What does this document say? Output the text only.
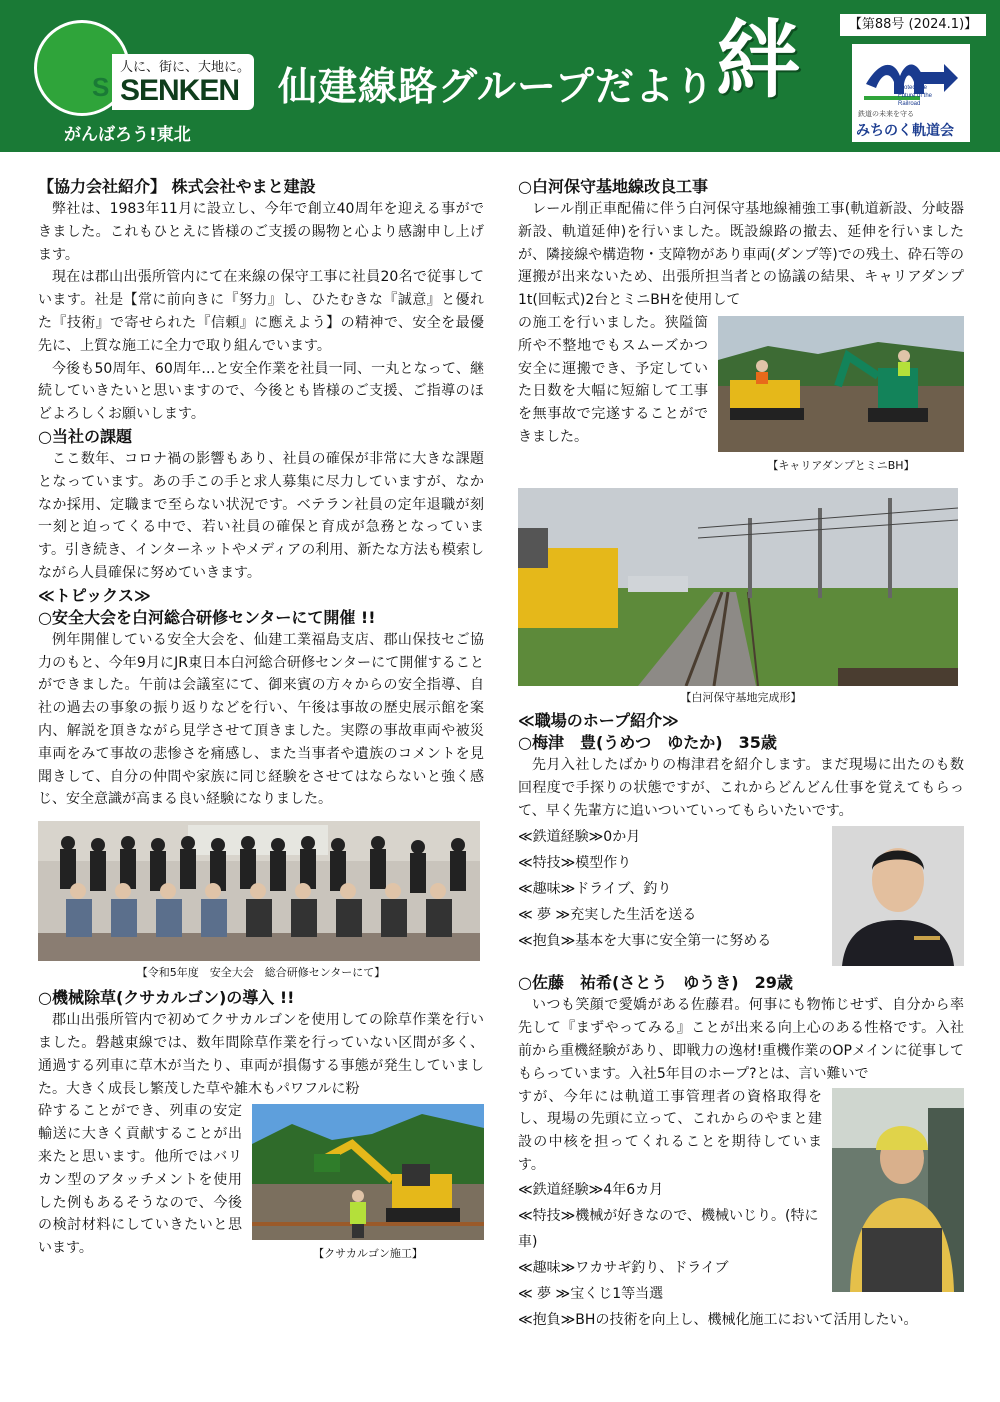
S
人に、街に、大地に。
SENKEN
がんばろう!東北
仙建線路グループだより 絆	【第88号 (2024.1)】
Protect the Future of the Railroad
鉄道の未来を守る
みちのく軌道会

【協力会社紹介】 株式会社やまと建設

弊社は、1983年11月に設立し、今年で創立40周年を迎える事ができました。これもひとえに皆様のご支援の賜物と心より感謝申し上げます。

現在は郡山出張所管内にて在来線の保守工事に社員20名で従事しています。社是【常に前向きに『努力』し、ひたむきな『誠意』と優れた『技術』で寄せられた『信頼』に應えよう】の精神で、安全を最優先に、上質な施工に全力で取り組んでいます。

今後も50周年、60周年…と安全作業を社員一同、一丸となって、継続していきたいと思いますので、今後とも皆様のご支援、ご指導のほどよろしくお願いします。

○当社の課題

ここ数年、コロナ禍の影響もあり、社員の確保が非常に大きな課題となっています。あの手この手と求人募集に尽力していますが、なかなか採用、定職まで至らない状況です。ベテラン社員の定年退職が刻一刻と迫ってくる中で、若い社員の確保と育成が急務となっています。引き続き、インターネットやメディアの利用、新たな方法も模索しながら人員確保に努めていきます。

≪トピックス≫

○安全大会を白河総合研修センターにて開催 !!

例年開催している安全大会を、仙建工業福島支店、郡山保技セご協力のもと、今年9月にJR東日本白河総合研修センターにて開催することができました。午前は会議室にて、御来賓の方々からの安全指導、自社の過去の事象の振り返りなどを行い、午後は事故の歴史展示館を案内、解説を頂きながら見学させて頂きました。実際の事故車両や被災車両をみて事故の悲惨さを痛感し、また当事者や遺族のコメントを見聞きして、自分の仲間や家族に同じ経験をさせてはならないと強く感じ、安全意識が高まる良い経験になりました。

【令和5年度　安全大会　総合研修センターにて】

○機械除草(クサカルゴン)の導入 !!

郡山出張所管内で初めてクサカルゴンを使用しての除草作業を行いました。磐越東線では、数年間除草作業を行っていない区間が多く、通過する列車に草木が当たり、車両が損傷する事態が発生していました。大きく成長し繁茂した草や雑木もパワフルに粉

【クサカルゴン施工】

砕することができ、列車の安定輸送に大きく貢献することが出来たと思います。他所ではバリカン型のアタッチメントを使用した例もあるそうなので、今後の検討材料にしていきたいと思います。

○白河保守基地線改良工事

レール削正車配備に伴う白河保守基地線補強工事(軌道新設、分岐器新設、軌道延伸)を行いました。既設線路の撤去、延伸を行いましたが、隣接線や構造物・支障物があり車両(ダンプ等)での残土、砕石等の運搬が出来ないため、出張所担当者との協議の結果、キャリアダンプ1t(回転式)2台とミニBHを使用して

【キャリアダンプとミニBH】

の施工を行いました。狭隘箇所や不整地でもスムーズかつ安全に運搬でき、予定していた日数を大幅に短縮して工事を無事故で完遂することができました。

【白河保守基地完成形】

≪職場のホープ紹介≫

○梅津　豊(うめつ　ゆたか)　35歳

先月入社したばかりの梅津君を紹介します。まだ現場に出たのも数回程度で手探りの状態ですが、これからどんどん仕事を覚えてもらって、早く先輩方に追いついていってもらいたいです。

≪鉄道経験≫0か月

≪特技≫模型作り

≪趣味≫ドライブ、釣り

≪ 夢 ≫充実した生活を送る

≪抱負≫基本を大事に安全第一に努める

○佐藤　祐希(さとう　ゆうき)　29歳

いつも笑顔で愛嬌がある佐藤君。何事にも物怖じせず、自分から率先して『まずやってみる』ことが出来る向上心のある性格です。入社前から重機経験があり、即戦力の逸材!重機作業のOPメインに従事してもらっています。入社5年目のホープ?とは、言い難いで

すが、今年には軌道工事管理者の資格取得をし、現場の先頭に立って、これからのやまと建設の中核を担ってくれることを期待しています。

≪鉄道経験≫4年6カ月

≪特技≫機械が好きなので、機械いじり。(特に車)

≪趣味≫ワカサギ釣り、ドライブ

≪ 夢 ≫宝くじ1等当選

≪抱負≫BHの技術を向上し、機械化施工において活用したい。
